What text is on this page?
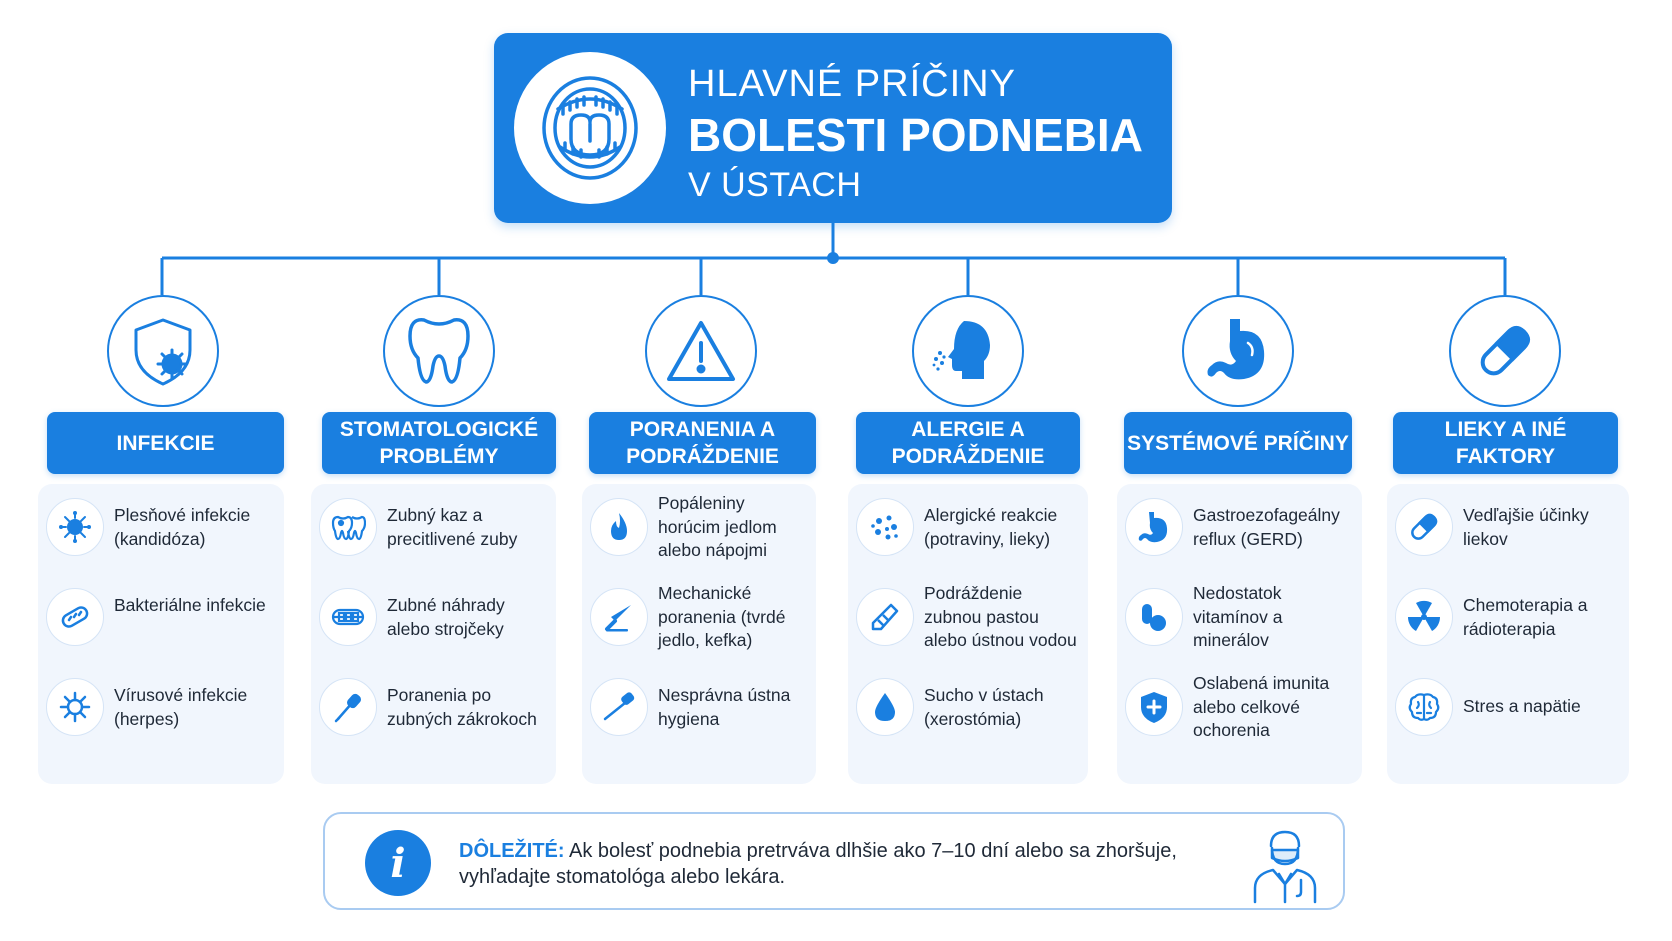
HLAVNÉ PRÍČINY
BOLESTI PODNEBIA
V ÚSTACH
INFEKCIE
Plesňové infekcie (kandidóza)
Bakteriálne infekcie
Vírusové infekcie (herpes)
STOMATOLOGICKÉ PROBLÉMY
Zubný kaz a precitlivené zuby
Zubné náhrady alebo strojčeky
Poranenia po zubných zákrokoch
PORANENIA A PODRÁŽDENIE
Popáleniny horúcim jedlom alebo nápojmi
Mechanické poranenia (tvrdé jedlo, kefka)
Nesprávna ústna hygiena
ALERGIE A PODRÁŽDENIE
Alergické reakcie (potraviny, lieky)
Podráždenie zubnou pastou alebo ústnou vodou
Sucho v ústach (xerostómia)
SYSTÉMOVÉ PRÍČINY
Gastroezofageálny reflux (GERD)
Nedostatok vitamínov a minerálov
Oslabená imunita alebo celkové ochorenia
LIEKY A INÉ FAKTORY
Vedľajšie účinky liekov
Chemoterapia a rádioterapia
Stres a napätie
i	DÔLEŽITÉ: Ak bolesť podnebia pretrváva dlhšie ako 7–10 dní alebo sa zhoršuje, vyhľadajte stomatológa alebo lekára.
